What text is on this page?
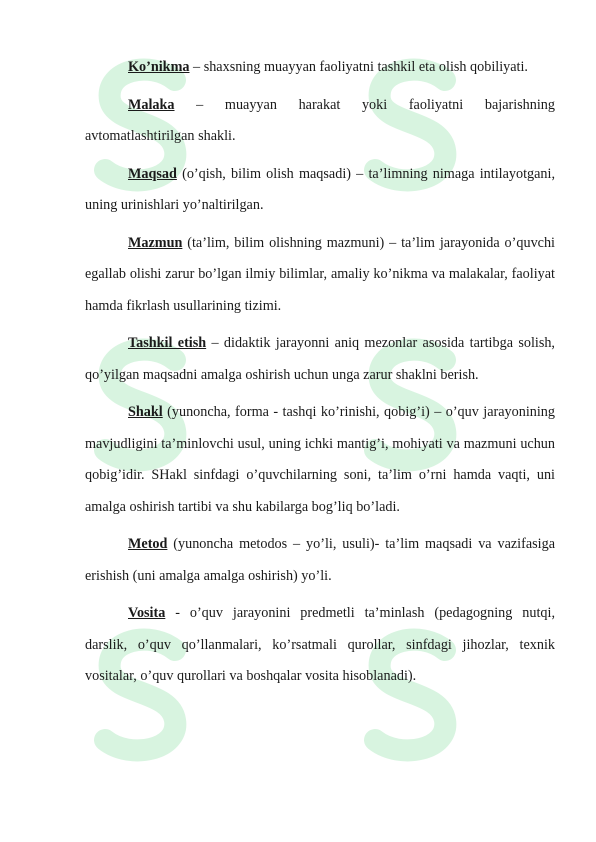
Ko’nikma – shaxsning muayyan faoliyatni tashkil eta olish qobiliyati.

Malaka – muayyan harakat yoki faoliyatni bajarishning avtomatlashtirilgan shakli.

Maqsad (o’qish, bilim olish maqsadi) – ta’limning nimaga intilayotgani, uning urinishlari yo’naltirilgan.

Mazmun (ta’lim, bilim olishning mazmuni) – ta’lim jarayonida o’quvchi egallab olishi zarur bo’lgan ilmiy bilimlar, amaliy ko’nikma va malakalar, faoliyat hamda fikrlash usullarining tizimi.

Tashkil etish – didaktik jarayonni aniq mezonlar asosida tartibga solish, qo’yilgan maqsadni amalga oshirish uchun unga zarur shaklni berish.

Shakl (yunoncha, forma - tashqi ko’rinishi, qobig’i) – o’quv jarayonining mavjudligini ta’minlovchi usul, uning ichki mantig’i, mohiyati va mazmuni uchun qobig’idir. SHakl sinfdagi o’quvchilarning soni, ta’lim o’rni hamda vaqti, uni amalga oshirish tartibi va shu kabilarga bog’liq bo’ladi.

Metod (yunoncha metodos – yo’li, usuli)- ta’lim maqsadi va vazifasiga erishish (uni amalga amalga oshirish) yo’li.

Vosita - o’quv jarayonini predmetli ta’minlash (pedagogning nutqi, darslik, o’quv qo’llanmalari, ko’rsatmali qurollar, sinfdagi jihozlar, texnik vositalar, o’quv qurollari va boshqalar vosita hisoblanadi).
